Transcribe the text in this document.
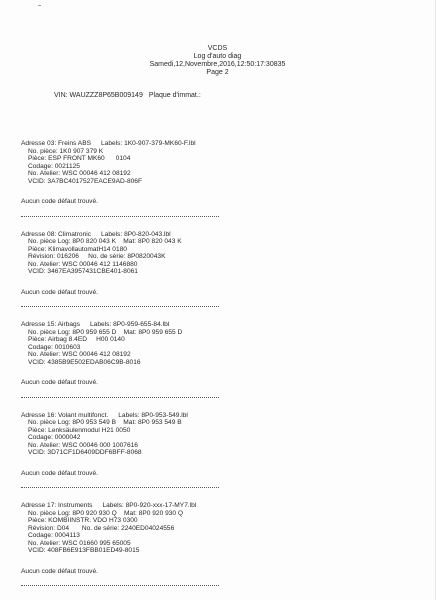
VCDS
Log d'auto diag
Samedi,12,Novembre,2016,12:50:17:30835
Page 2
VIN: WAUZZZ8P65B009149 Plaque d'immat.:
Adresse 03: Freins ABS Labels: 1K0-907-379-MK60-F.lbl
No. pièce: 1K0 907 379 K
Pièce: ESP FRONT MK60      0104
Codage: 0021125
No. Atelier: WSC 00046 412 08192
VCID: 3A7BC4017527EACE9AD-806F
Aucun code défaut trouvé.
Adresse 08: Climatronic Labels: 8P0-820-043.lbl
No. pièce Log: 8P0 820 043 K    Mat: 8P0 820 043 K
Pièce: KlimavollautomatH14 0180
Révision: 016206     No. de série: 8P0820043K
No. Atelier: WSC 00046 412 1146880
VCID: 3467EA3957431CBE401-8061
Aucun code défaut trouvé.
Adresse 15: Airbags Labels: 8P0-959-655-84.lbl
No. pièce Log: 8P0 959 655 D    Mat: 8P0 959 655 D
Pièce: Airbag 8.4ED     H00 0140
Codage: 0010603
No. Atelier: WSC 00046 412 08192
VCID: 4385B9E502EDAB06C9B-8016
Aucun code défaut trouvé.
Adresse 16: Volant multifonct. Labels: 8P0-953-549.lbl
No. pièce Log: 8P0 953 549 B    Mat: 8P0 953 549 B
Pièce: Lenksäulenmodul H21 0050
Codage: 0000042
No. Atelier: WSC 00046 000 1007616
VCID: 3D71CF1D6409DDF6BFF-8068
Aucun code défaut trouvé.
Adresse 17: Instruments Labels: 8P0-920-xxx-17-MY7.lbl
No. pièce Log: 8P0 920 930 Q    Mat: 8P0 920 930 Q
Pièce: KOMBIINSTR. VDO H73 0300
Révision: D04       No. de série: 2240ED04024556
Codage: 0004113
No. Atelier: WSC 01660 995 65005
VCID: 408FB6E913FBB01ED49-8015
Aucun code défaut trouvé.
